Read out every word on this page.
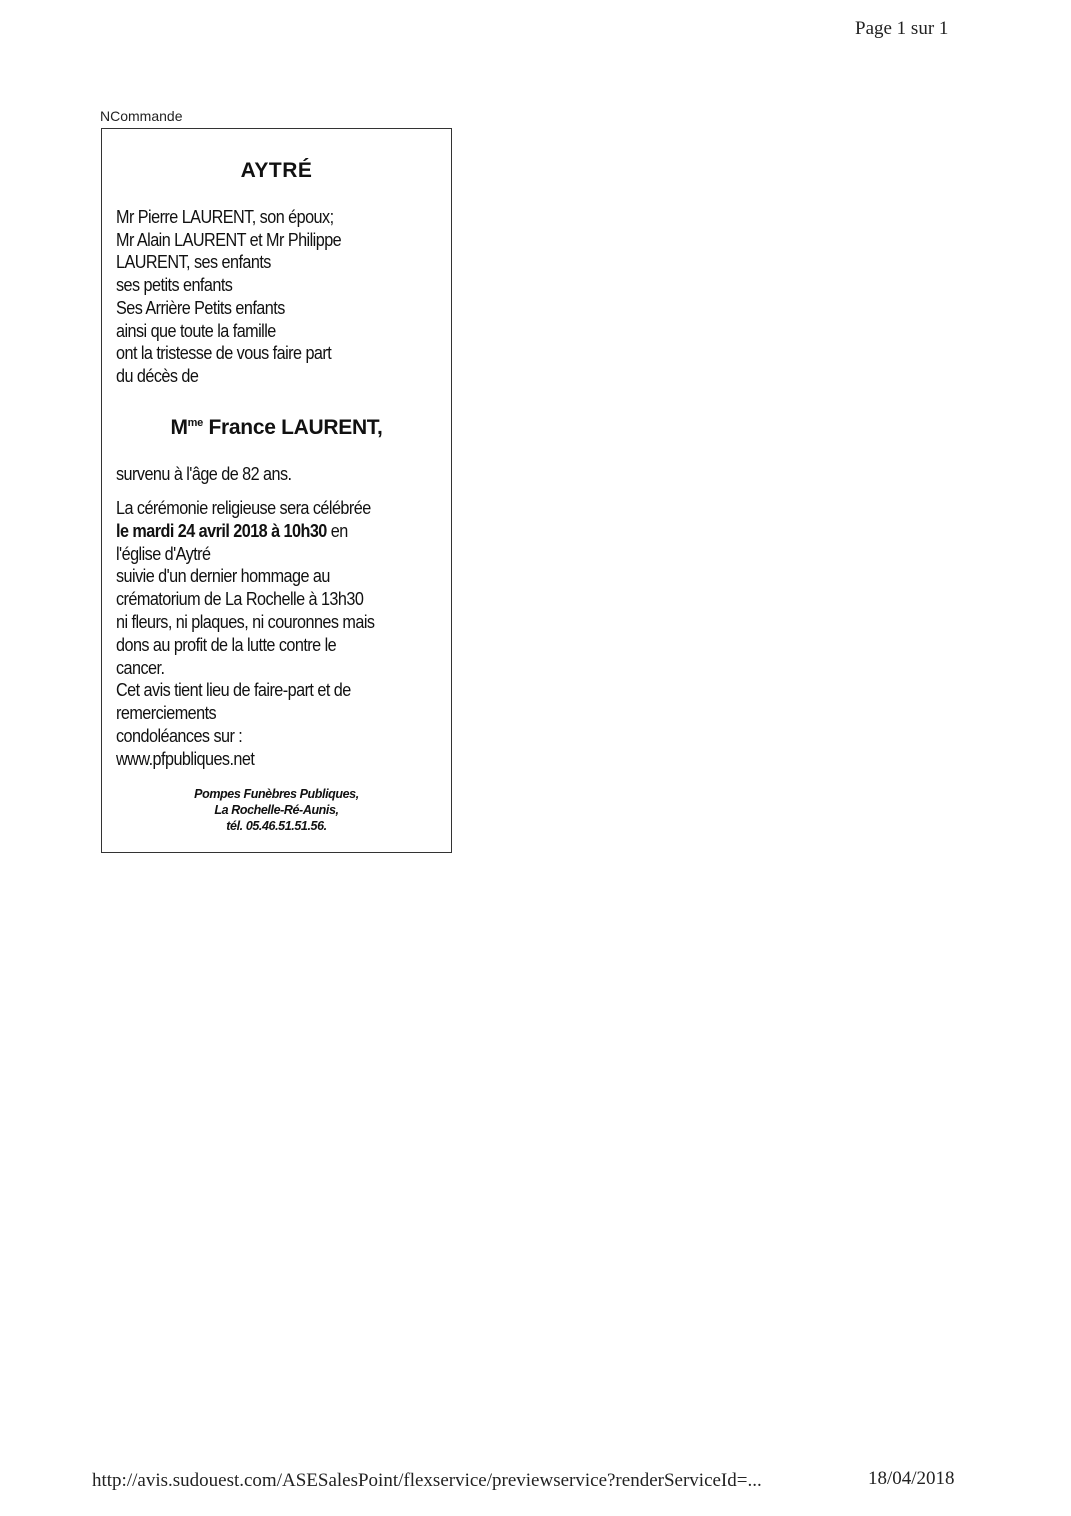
Page 1 sur 1
NCommande
AYTRÉ
Mr Pierre LAURENT, son époux;
Mr Alain LAURENT et Mr Philippe
LAURENT, ses enfants
ses petits enfants
Ses Arrière Petits enfants
ainsi que toute la famille
ont la tristesse de vous faire part
du décès de
$M^{me}$ France LAURENT,
survenu à l'âge de 82 ans.
La cérémonie religieuse sera célébrée
le mardi 24 avril 2018 à 10h30 en
l'église d'Aytré
suivie d'un dernier hommage au
crématorium de La Rochelle à 13h30
ni fleurs, ni plaques, ni couronnes mais
dons au profit de la lutte contre le
cancer.
Cet avis tient lieu de faire-part et de
remerciements
condoléances sur :
www.pfpubliques.net
Pompes Funèbres Publiques,
La Rochelle-Ré-Aunis,
tél. 05.46.51.51.56.
http://avis.sudouest.com/ASESalesPoint/flexservice/previewservice?renderServiceId=...	18/04/2018
